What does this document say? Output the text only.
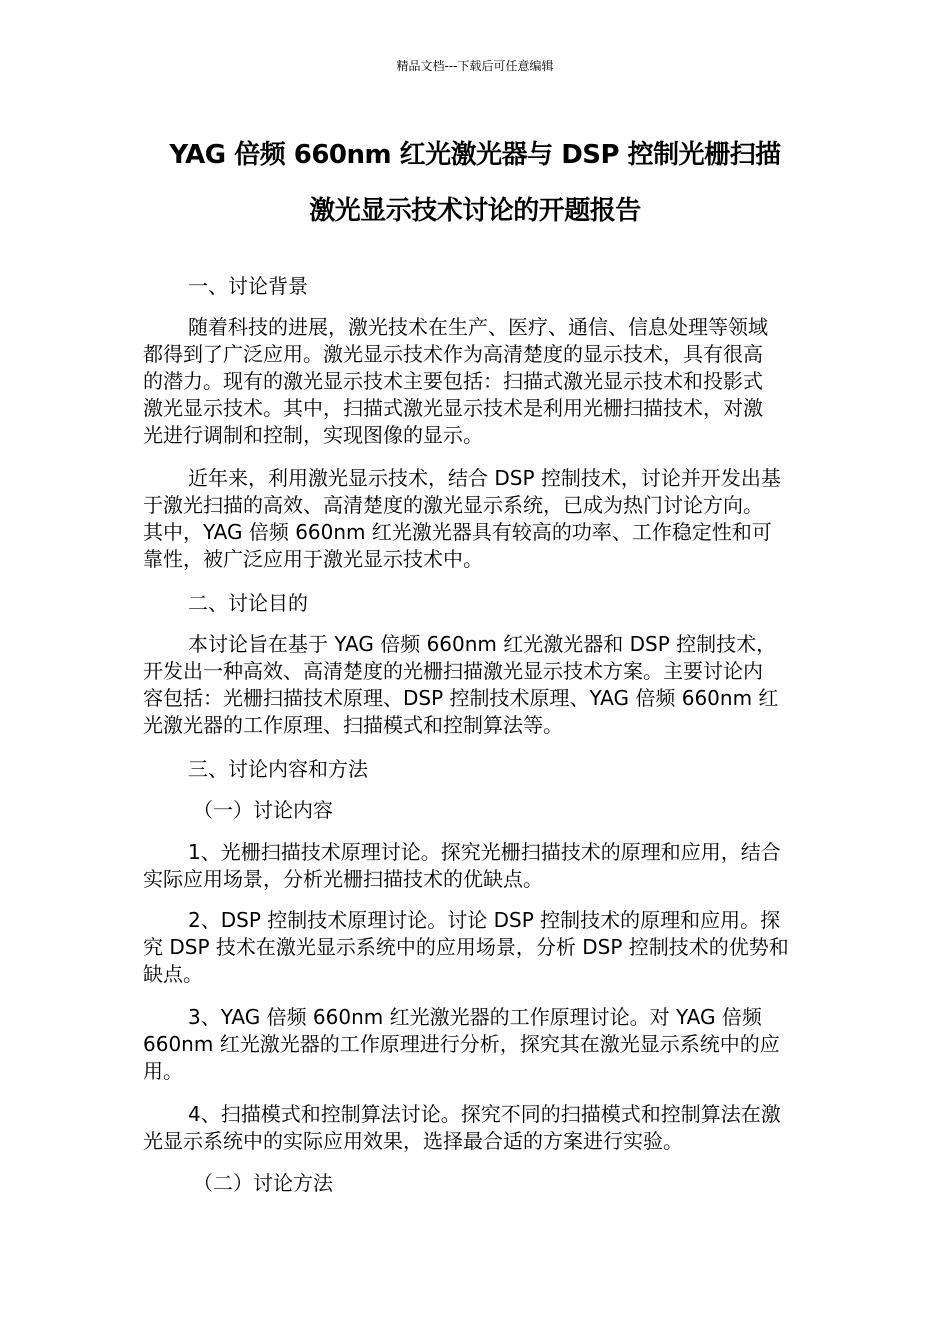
精品文档---下载后可任意编辑
YAG 倍频 660nm 红光激光器与 DSP 控制光栅扫描
激光显示技术讨论的开题报告
一、讨论背景
随着科技的进展，激光技术在生产、医疗、通信、信息处理等领域
都得到了广泛应用。激光显示技术作为高清楚度的显示技术，具有很高
的潜力。现有的激光显示技术主要包括：扫描式激光显示技术和投影式
激光显示技术。其中，扫描式激光显示技术是利用光栅扫描技术，对激
光进行调制和控制，实现图像的显示。
近年来，利用激光显示技术，结合 DSP 控制技术，讨论并开发出基
于激光扫描的高效、高清楚度的激光显示系统，已成为热门讨论方向。
其中，YAG 倍频 660nm 红光激光器具有较高的功率、工作稳定性和可
靠性，被广泛应用于激光显示技术中。
二、讨论目的
本讨论旨在基于 YAG 倍频 660nm 红光激光器和 DSP 控制技术，
开发出一种高效、高清楚度的光栅扫描激光显示技术方案。主要讨论内
容包括：光栅扫描技术原理、DSP 控制技术原理、YAG 倍频 660nm 红
光激光器的工作原理、扫描模式和控制算法等。
三、讨论内容和方法
（一）讨论内容
1、光栅扫描技术原理讨论。探究光栅扫描技术的原理和应用，结合
实际应用场景，分析光栅扫描技术的优缺点。
2、DSP 控制技术原理讨论。讨论 DSP 控制技术的原理和应用。探
究 DSP 技术在激光显示系统中的应用场景，分析 DSP 控制技术的优势和
缺点。
3、YAG 倍频 660nm 红光激光器的工作原理讨论。对 YAG 倍频
660nm 红光激光器的工作原理进行分析，探究其在激光显示系统中的应
用。
4、扫描模式和控制算法讨论。探究不同的扫描模式和控制算法在激
光显示系统中的实际应用效果，选择最合适的方案进行实验。
（二）讨论方法
